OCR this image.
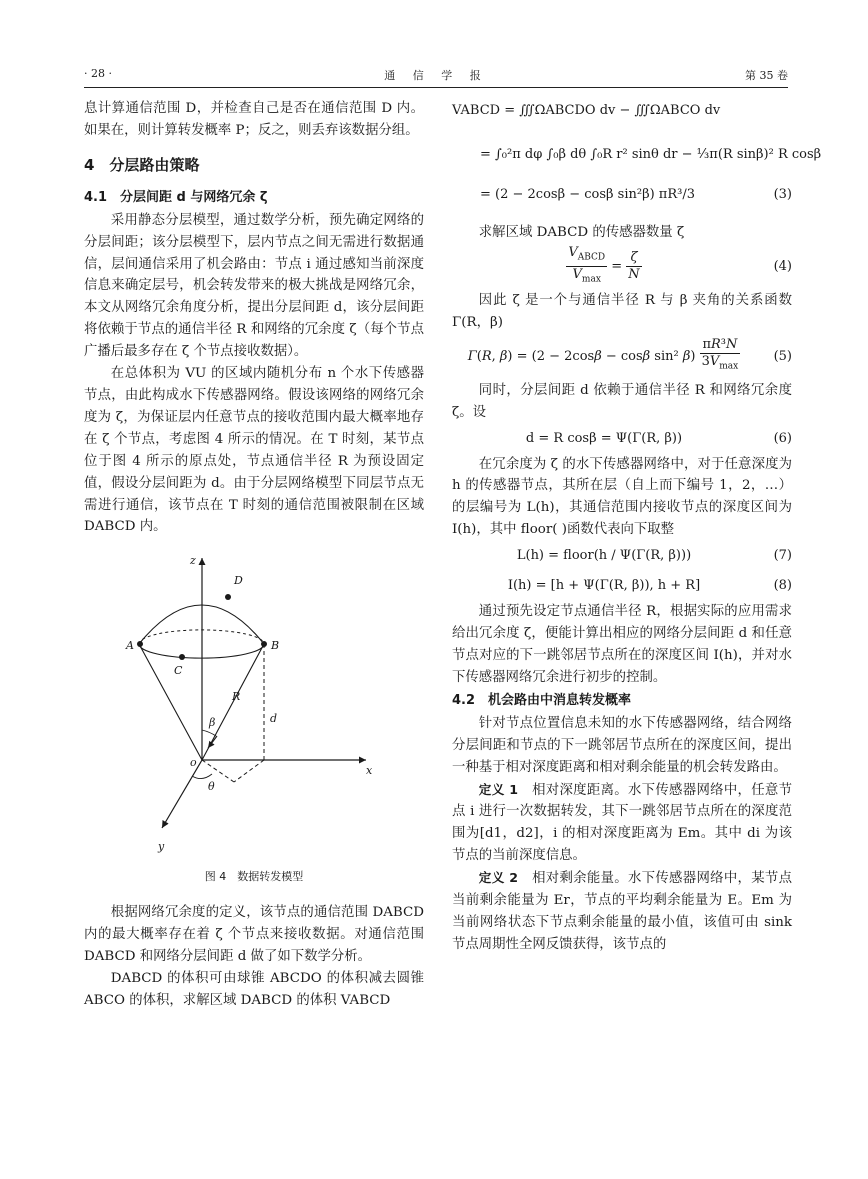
· 28 ·	通 信 学 报	第 35 卷

息计算通信范围 D，并检查自己是否在通信范围 D 内。如果在，则计算转发概率 P；反之，则丢弃该数据分组。

4　分层路由策略
4.1　分层间距 d 与网络冗余 ζ

采用静态分层模型，通过数学分析，预先确定网络的分层间距；该分层模型下，层内节点之间无需进行数据通信，层间通信采用了机会路由：节点 i 通过感知当前深度信息来确定层号，机会转发带来的极大挑战是网络冗余，本文从网络冗余角度分析，提出分层间距 d，该分层间距将依赖于节点的通信半径 R 和网络的冗余度 ζ（每个节点广播后最多存在 ζ 个节点接收数据）。

在总体积为 VU 的区域内随机分布 n 个水下传感器节点，由此构成水下传感器网络。假设该网络的网络冗余度为 ζ，为保证层内任意节点的接收范围内最大概率地存在 ζ 个节点，考虑图 4 所示的情况。在 T 时刻，某节点位于图 4 所示的原点处，节点通信半径 R 为预设固定值，假设分层间距为 d。由于分层网络模型下同层节点无需进行通信，该节点在 T 时刻的通信范围被限制在区域 DABCD 内。

z
D
A	B
C
R
d
β
o
x
θ
y
图 4　数据转发模型

根据网络冗余度的定义，该节点的通信范围 DABCD 内的最大概率存在着 ζ 个节点来接收数据。对通信范围 DABCD 和网络分层间距 d 做了如下数学分析。

DABCD 的体积可由球锥 ABCDO 的体积减去圆锥 ABCO 的体积，求解区域 DABCD 的体积 VABCD

VABCD = ∭ΩABCDO dv − ∭ΩABCO dv
= ∫₀²π dφ ∫₀β dθ ∫₀R r² sinθ dr − ⅓π(R sinβ)² R cosβ
= (2 − 2cosβ − cosβ sin²β) πR³/3	(3)

求解区域 DABCD 的传感器数量 ζ

$\frac{V_{ABCD}}{V_{max}} = \frac{\zeta}{N}$	(4)

因此 ζ 是一个与通信半径 R 与 β 夹角的关系函数 Γ(R，β)

Γ(R, β) = (2 − 2cosβ − cosβ sin² $\beta) \frac{\text{πR³N}}{3V_{max}}$	(5)

同时，分层间距 d 依赖于通信半径 R 和网络冗余度 ζ。设

d = R cosβ = Ψ(Γ(R, β))	(6)

在冗余度为 ζ 的水下传感器网络中，对于任意深度为 h 的传感器节点，其所在层（自上而下编号 1，2，…）的层编号为 L(h)，其通信范围内接收节点的深度区间为 I(h)，其中 floor( )函数代表向下取整

L(h) = floor(h / Ψ(Γ(R, β)))	(7)
I(h) = [h + Ψ(Γ(R, β)), h + R]	(8)

通过预先设定节点通信半径 R，根据实际的应用需求给出冗余度 ζ，便能计算出相应的网络分层间距 d 和任意节点对应的下一跳邻居节点所在的深度区间 I(h)，并对水下传感器网络冗余进行初步的控制。

4.2　机会路由中消息转发概率

针对节点位置信息未知的水下传感器网络，结合网络分层间距和节点的下一跳邻居节点所在的深度区间，提出一种基于相对深度距离和相对剩余能量的机会转发路由。

定义 1　 相对深度距离。水下传感器网络中，任意节点 i 进行一次数据转发，其下一跳邻居节点所在的深度范围为[d1，d2]，i 的相对深度距离为 Em。其中 di 为该节点的当前深度信息。

定义 2　 相对剩余能量。水下传感器网络中，某节点当前剩余能量为 Er，节点的平均剩余能量为 E。Em 为当前网络状态下节点剩余能量的最小值，该值可由 sink 节点周期性全网反馈获得，该节点的
